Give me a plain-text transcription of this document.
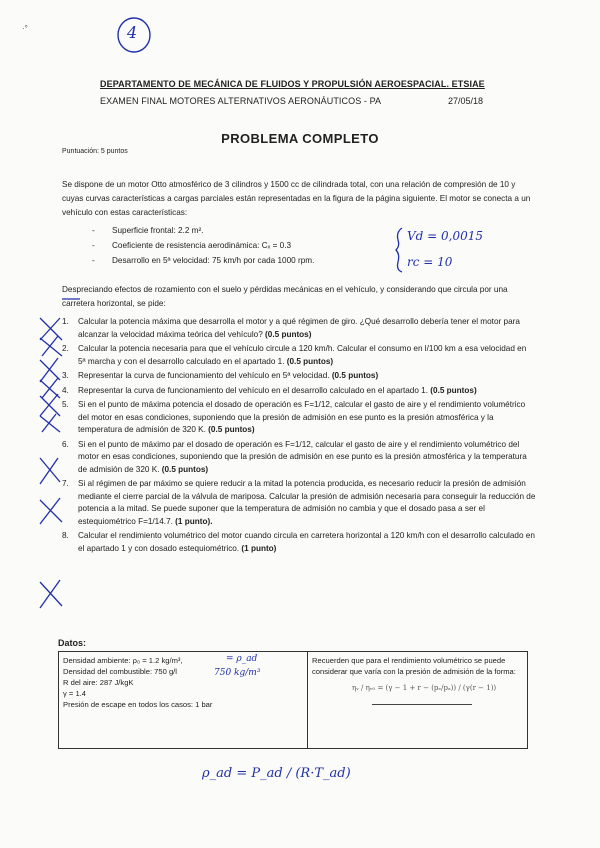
4
·°
DEPARTAMENTO DE MECÁNICA DE FLUIDOS Y PROPULSIÓN AEROESPACIAL. ETSIAE
EXAMEN FINAL MOTORES ALTERNATIVOS AERONÁUTICOS - PA	27/05/18
PROBLEMA COMPLETO
Puntuación: 5 puntos
Se dispone de un motor Otto atmosférico de 3 cilindros y 1500 cc de cilindrada total, con una relación de compresión de 10 y cuyas curvas características a cargas parciales están representadas en la figura de la página siguiente. El motor se conecta a un vehículo con estas características:
- Superficie frontal: 2.2 m².
- Coeficiente de resistencia aerodinámica: Cₓ = 0.3
- Desarrollo en 5ª velocidad: 75 km/h por cada 1000 rpm.
Vd = 0,0015
rc = 10
Despreciando efectos de rozamiento con el suelo y pérdidas mecánicas en el vehículo, y considerando que circula por una carretera horizontal, se pide:
1. Calcular la potencia máxima que desarrolla el motor y a qué régimen de giro. ¿Qué desarrollo debería tener el motor para alcanzar la velocidad máxima teórica del vehículo? (0.5 puntos)
2. Calcular la potencia necesaria para que el vehículo circule a 120 km/h. Calcular el consumo en l/100 km a esa velocidad en 5ª marcha y con el desarrollo calculado en el apartado 1. (0.5 puntos)
3. Representar la curva de funcionamiento del vehículo en 5ª velocidad. (0.5 puntos)
4. Representar la curva de funcionamiento del vehículo en el desarrollo calculado en el apartado 1. (0.5 puntos)
5. Si en el punto de máxima potencia el dosado de operación es F=1/12, calcular el gasto de aire y el rendimiento volumétrico del motor en esas condiciones, suponiendo que la presión de admisión en ese punto es la presión atmosférica y la temperatura de admisión de 320 K. (0.5 puntos)
6. Si en el punto de máximo par el dosado de operación es F=1/12, calcular el gasto de aire y el rendimiento volumétrico del motor en esas condiciones, suponiendo que la presión de admisión en ese punto es la presión atmosférica y la temperatura de admisión de 320 K. (0.5 puntos)
7. Si al régimen de par máximo se quiere reducir a la mitad la potencia producida, es necesario reducir la presión de admisión mediante el cierre parcial de la válvula de mariposa. Calcular la presión de admisión necesaria para conseguir la reducción de potencia a la mitad. Se puede suponer que la temperatura de admisión no cambia y que el dosado pasa a ser el estequiométrico F=1/14.7. (1 punto).
8. Calcular el rendimiento volumétrico del motor cuando circula en carretera horizontal a 120 km/h con el desarrollo calculado en el apartado 1 y con dosado estequiométrico. (1 punto)
Datos:
Densidad ambiente: ρ₀ = 1.2 kg/m³,
Densidad del combustible: 750 g/l
R del aire: 287 J/kgK
γ = 1.4
Presión de escape en todos los casos: 1 bar

Recuerden que para el rendimiento volumétrico se puede considerar que varía con la presión de admisión de la forma:
ηᵥ / ηᵥ₀ = (γ − 1 + r − (pₑ/pₐ)) / (γ(r − 1))
= ρ_ad
750 kg/m³
ρ_ad = P_ad / (R·T_ad)
